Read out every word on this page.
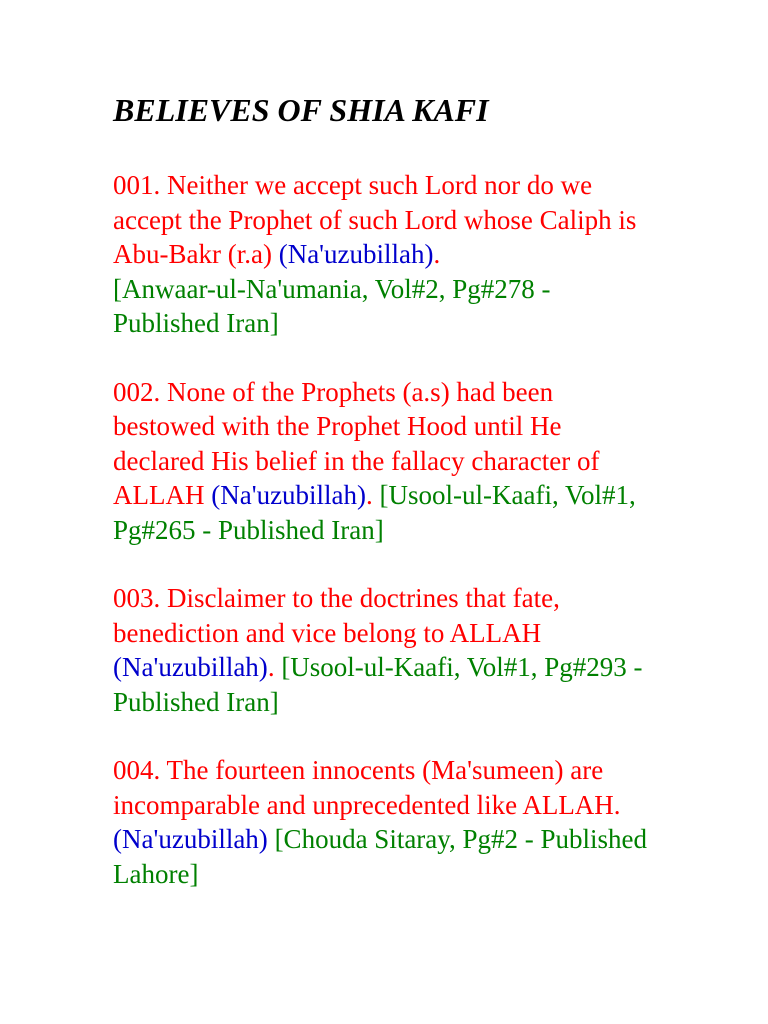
BELIEVES OF SHIA KAFI

001. Neither we accept such Lord nor do we accept the Prophet of such Lord whose Caliph is Abu-Bakr (r.a) (Na'uzubillah).
[Anwaar-ul-Na'umania, Vol#2, Pg#278 - Published Iran]

002. None of the Prophets (a.s) had been bestowed with the Prophet Hood until He declared His belief in the fallacy character of ALLAH (Na'uzubillah). [Usool-ul-Kaafi, Vol#1, Pg#265 - Published Iran]

003. Disclaimer to the doctrines that fate, benediction and vice belong to ALLAH (Na'uzubillah). [Usool-ul-Kaafi, Vol#1, Pg#293 - Published Iran]

004. The fourteen innocents (Ma'sumeen) are incomparable and unprecedented like ALLAH. (Na'uzubillah) [Chouda Sitaray, Pg#2 - Published Lahore]
